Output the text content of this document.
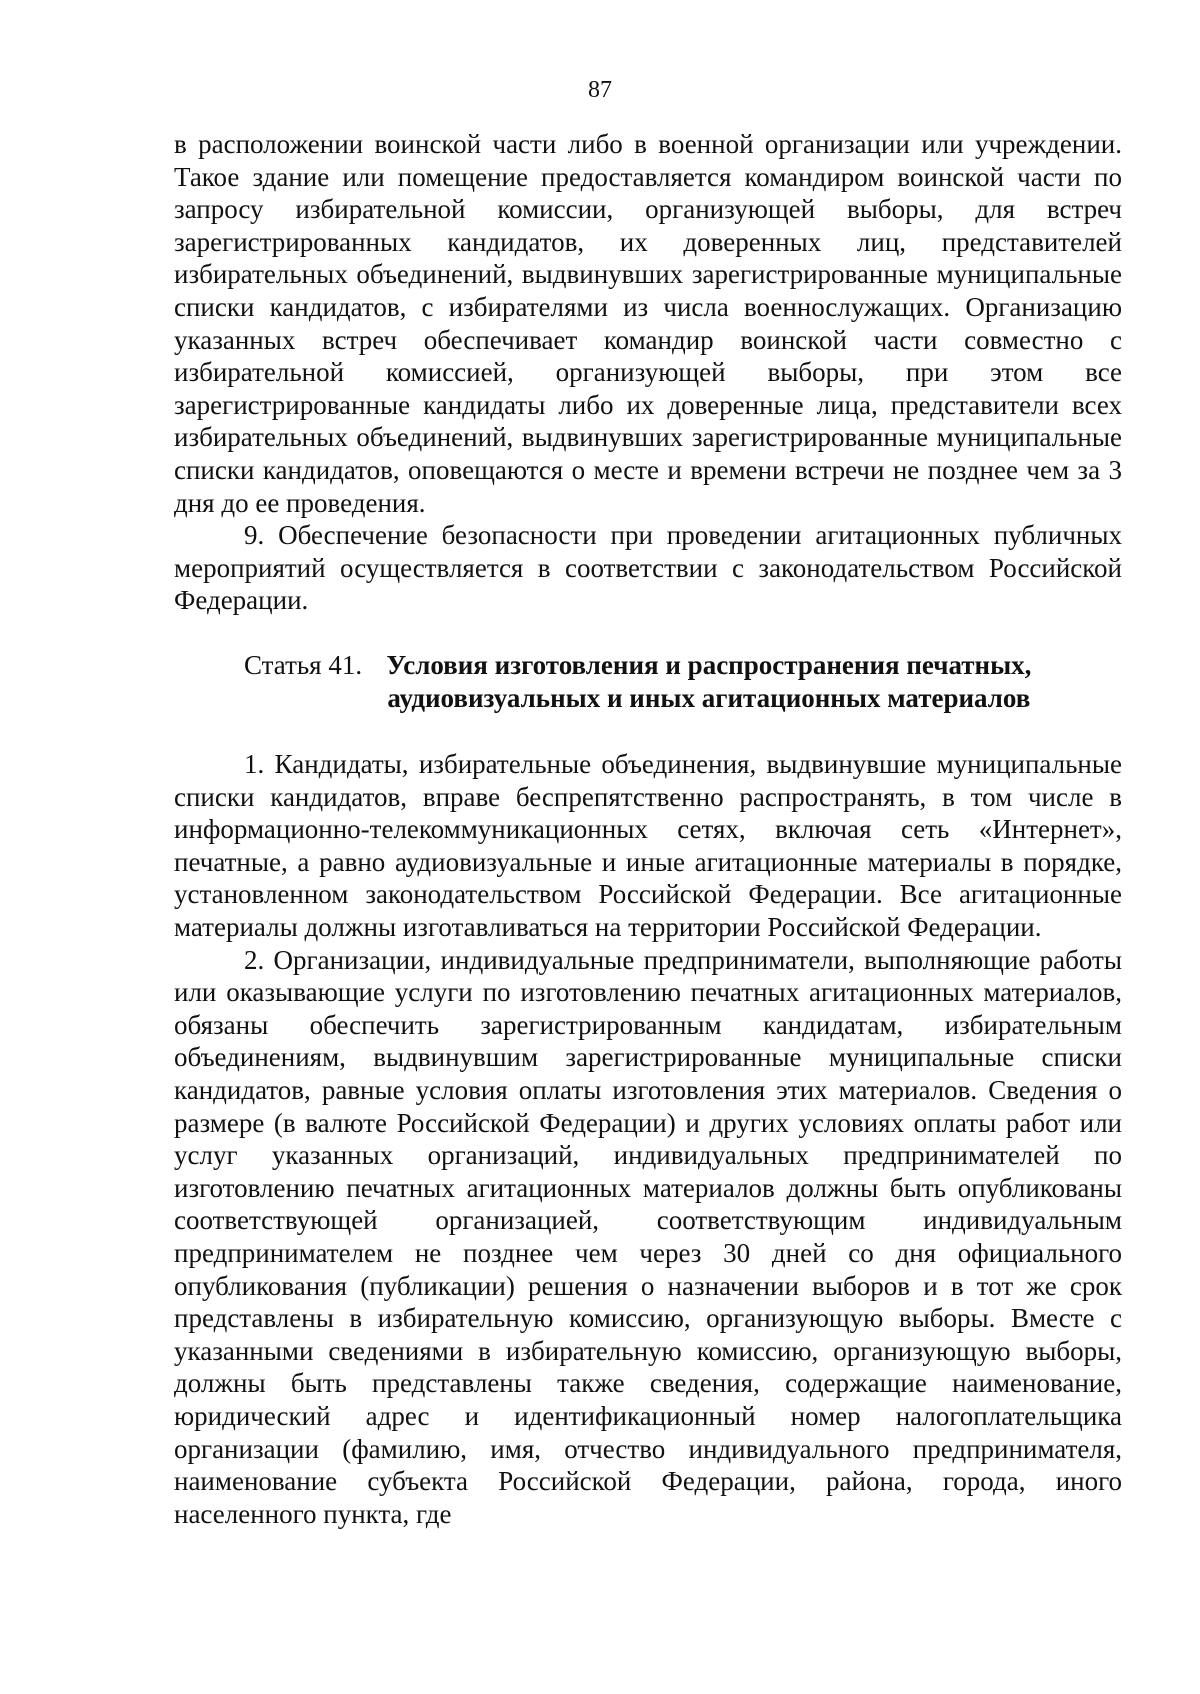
87

в расположении воинской части либо в военной организации или учреждении. Такое здание или помещение предоставляется командиром воинской части по запросу избирательной комиссии, организующей выборы, для встреч зарегистрированных кандидатов, их доверенных лиц, представителей избирательных объединений, выдвинувших зарегистрированные муниципальные списки кандидатов, с избирателями из числа военнослужащих. Организацию указанных встреч обеспечивает командир воинской части совместно с избирательной комиссией, организующей выборы, при этом все зарегистрированные кандидаты либо их доверенные лица, представители всех избирательных объединений, выдвинувших зарегистрированные муниципальные списки кандидатов, оповещаются о месте и времени встречи не позднее чем за 3 дня до ее проведения.

9. Обеспечение безопасности при проведении агитационных публичных мероприятий осуществляется в соответствии с законодательством Российской Федерации.

Статья 41. Условия изготовления и распространения печатных, аудиовизуальных и иных агитационных материалов

1. Кандидаты, избирательные объединения, выдвинувшие муниципальные списки кандидатов, вправе беспрепятственно распространять, в том числе в информационно-телекоммуникационных сетях, включая сеть «Интернет», печатные, а равно аудиовизуальные и иные агитационные материалы в порядке, установленном законодательством Российской Федерации. Все агитационные материалы должны изготавливаться на территории Российской Федерации.

2. Организации, индивидуальные предприниматели, выполняющие работы или оказывающие услуги по изготовлению печатных агитационных материалов, обязаны обеспечить зарегистрированным кандидатам, избирательным объединениям, выдвинувшим зарегистрированные муниципальные списки кандидатов, равные условия оплаты изготовления этих материалов. Сведения о размере (в валюте Российской Федерации) и других условиях оплаты работ или услуг указанных организаций, индивидуальных предпринимателей по изготовлению печатных агитационных материалов должны быть опубликованы соответствующей организацией, соответствующим индивидуальным предпринимателем не позднее чем через 30 дней со дня официального опубликования (публикации) решения о назначении выборов и в тот же срок представлены в избирательную комиссию, организующую выборы. Вместе с указанными сведениями в избирательную комиссию, организующую выборы, должны быть представлены также сведения, содержащие наименование, юридический адрес и идентификационный номер налогоплательщика организации (фамилию, имя, отчество индивидуального предпринимателя, наименование субъекта Российской Федерации, района, города, иного населенного пункта, где
